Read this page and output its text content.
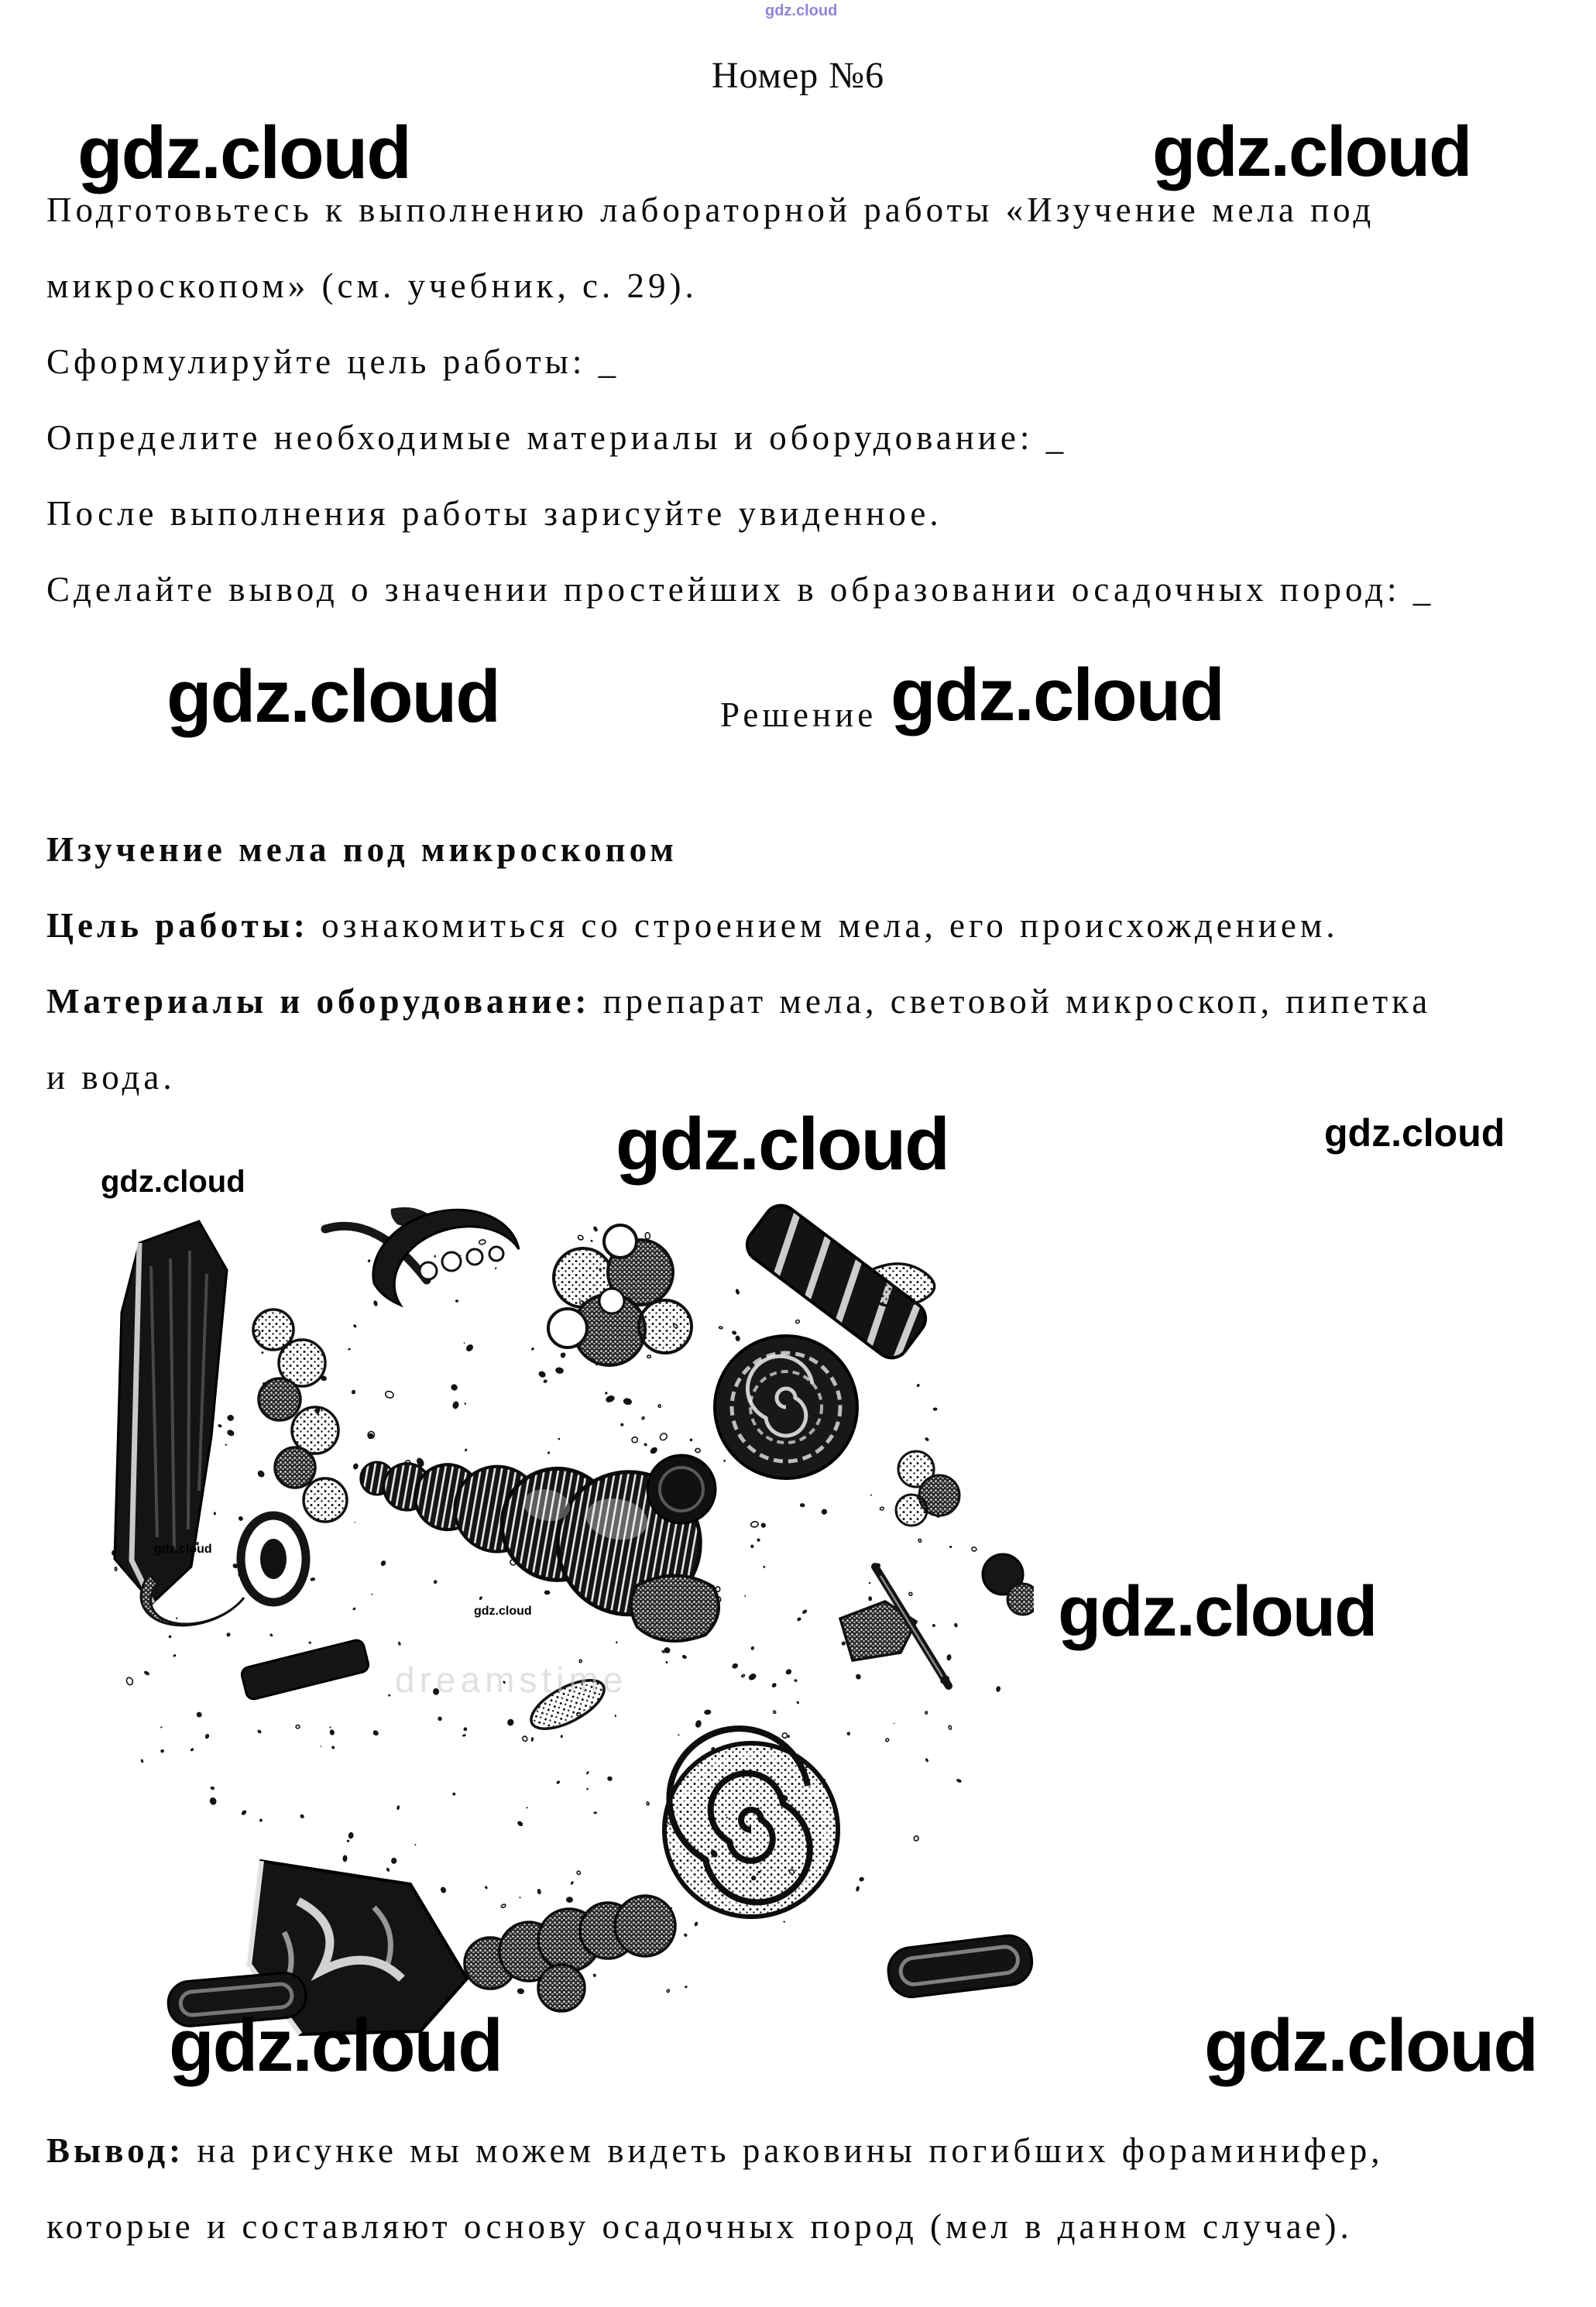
gdz.cloud
Номер №6
gdz.cloud	gdz.cloud
Подготовьтесь к выполнению лабораторной работы «Изучение мела под
микроскопом» (см. учебник, с. 29).
Сформулируйте цель работы: _
Определите необходимые материалы и оборудование: _
После выполнения работы зарисуйте увиденное.
Сделайте вывод о значении простейших в образовании осадочных пород: _
gdz.cloud	Решение gdz.cloud
Изучение мела под микроскопом
Цель работы: ознакомиться со строением мела, его происхождением.
Материалы и оборудование: препарат мела, световой микроскоп, пипетка
и вода.
gdz.cloud	gdz.cloud
gdz.cloud
dreamstime
gdz.cloud
gdz.cloud	gdz.cloud
gdz.cloud	gdz.cloud
Вывод: на рисунке мы можем видеть раковины погибших фораминифер,
которые и составляют основу осадочных пород (мел в данном случае).
